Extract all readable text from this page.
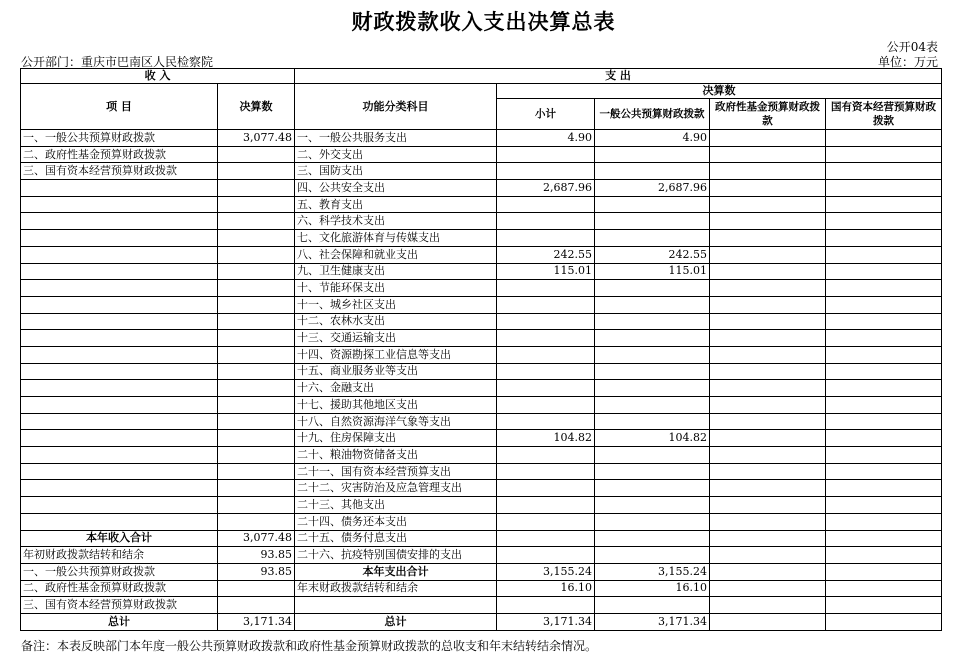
财政拨款收入支出决算总表
公开04表
公开部门：重庆市巴南区人民检察院	单位：万元
收 入		支 出				
项 目	决算数	功能分类科目	决算数			
			小计	一般公共预算财政拨款	政府性基金预算财政拨款	国有资本经营预算财政拨款
一、一般公共预算财政拨款	3,077.48	一、一般公共服务支出	4.90	4.90		
二、政府性基金预算财政拨款		二、外交支出				
三、国有资本经营预算财政拨款		三、国防支出				
		四、公共安全支出	2,687.96	2,687.96		
		五、教育支出				
		六、科学技术支出				
		七、文化旅游体育与传媒支出				
		八、社会保障和就业支出	242.55	242.55		
		九、卫生健康支出	115.01	115.01		
		十、节能环保支出				
		十一、城乡社区支出				
		十二、农林水支出				
		十三、交通运输支出				
		十四、资源勘探工业信息等支出				
		十五、商业服务业等支出				
		十六、金融支出				
		十七、援助其他地区支出				
		十八、自然资源海洋气象等支出				
		十九、住房保障支出	104.82	104.82		
		二十、粮油物资储备支出				
		二十一、国有资本经营预算支出				
		二十二、灾害防治及应急管理支出				
		二十三、其他支出				
		二十四、债务还本支出				
本年收入合计	3,077.48	二十五、债务付息支出				
年初财政拨款结转和结余	93.85	二十六、抗疫特别国债安排的支出				
一、一般公共预算财政拨款	93.85	本年支出合计	3,155.24	3,155.24		
二、政府性基金预算财政拨款		年末财政拨款结转和结余	16.10	16.10		
三、国有资本经营预算财政拨款						
总计	3,171.34	总计	3,171.34	3,171.34		
备注：本表反映部门本年度一般公共预算财政拨款和政府性基金预算财政拨款的总收支和年末结转结余情况。
